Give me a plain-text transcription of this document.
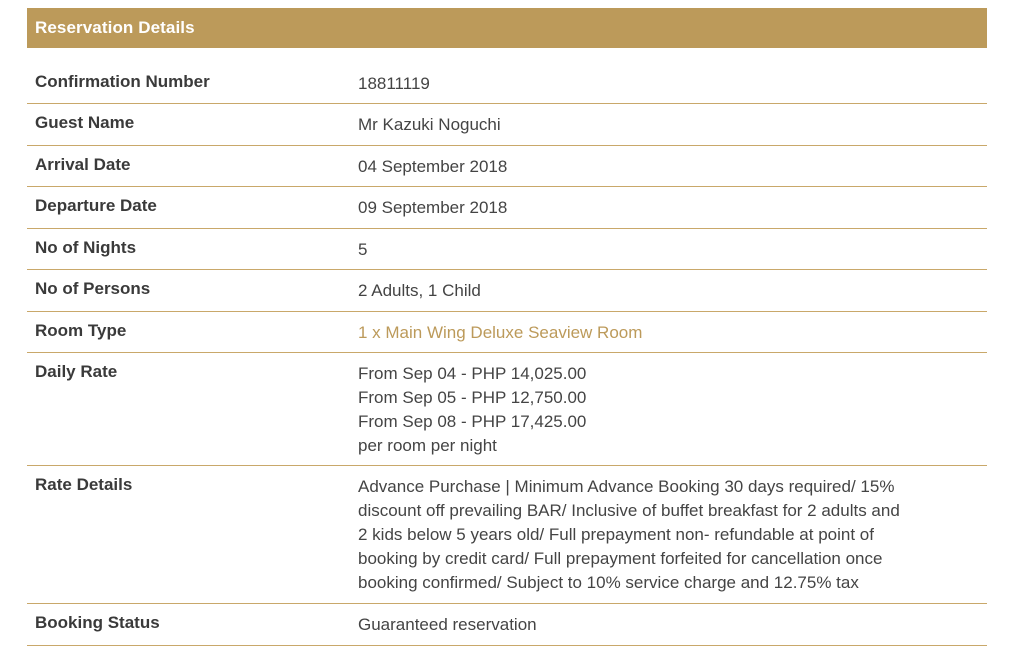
Reservation Details
Confirmation Number	18811119
Guest Name	Mr Kazuki Noguchi
Arrival Date	04 September 2018
Departure Date	09 September 2018
No of Nights	5
No of Persons	2 Adults, 1 Child
Room Type	1 x Main Wing Deluxe Seaview Room
Daily Rate	From Sep 04 - PHP 14,025.00
From Sep 05 - PHP 12,750.00
From Sep 08 - PHP 17,425.00
per room per night
Rate Details	Advance Purchase | Minimum Advance Booking 30 days required/ 15%
discount off prevailing BAR/ Inclusive of buffet breakfast for 2 adults and
2 kids below 5 years old/ Full prepayment non- refundable at point of
booking by credit card/ Full prepayment forfeited for cancellation once
booking confirmed/ Subject to 10% service charge and 12.75% tax
Booking Status	Guaranteed reservation
